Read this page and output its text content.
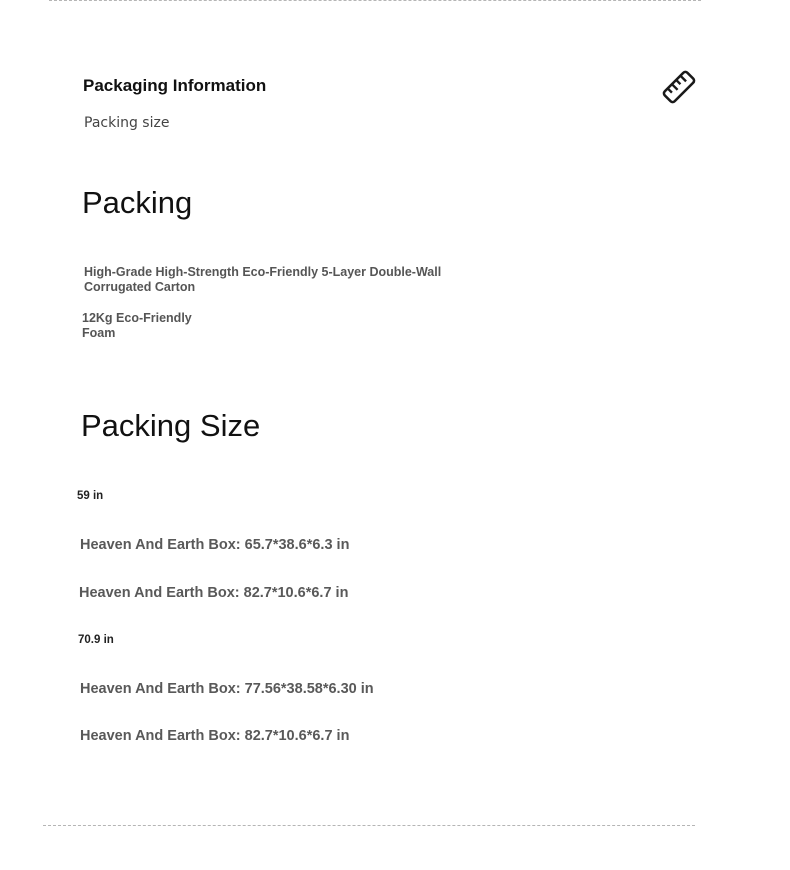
Packaging Information
Packing size
Packing
High-Grade High-Strength Eco-Friendly 5-Layer Double-Wall Corrugated Carton
12Kg Eco-Friendly Foam
Packing Size
59 in
Heaven And Earth Box: 65.7*38.6*6.3 in
Heaven And Earth Box: 82.7*10.6*6.7 in
70.9 in
Heaven And Earth Box: 77.56*38.58*6.30 in
Heaven And Earth Box: 82.7*10.6*6.7 in
